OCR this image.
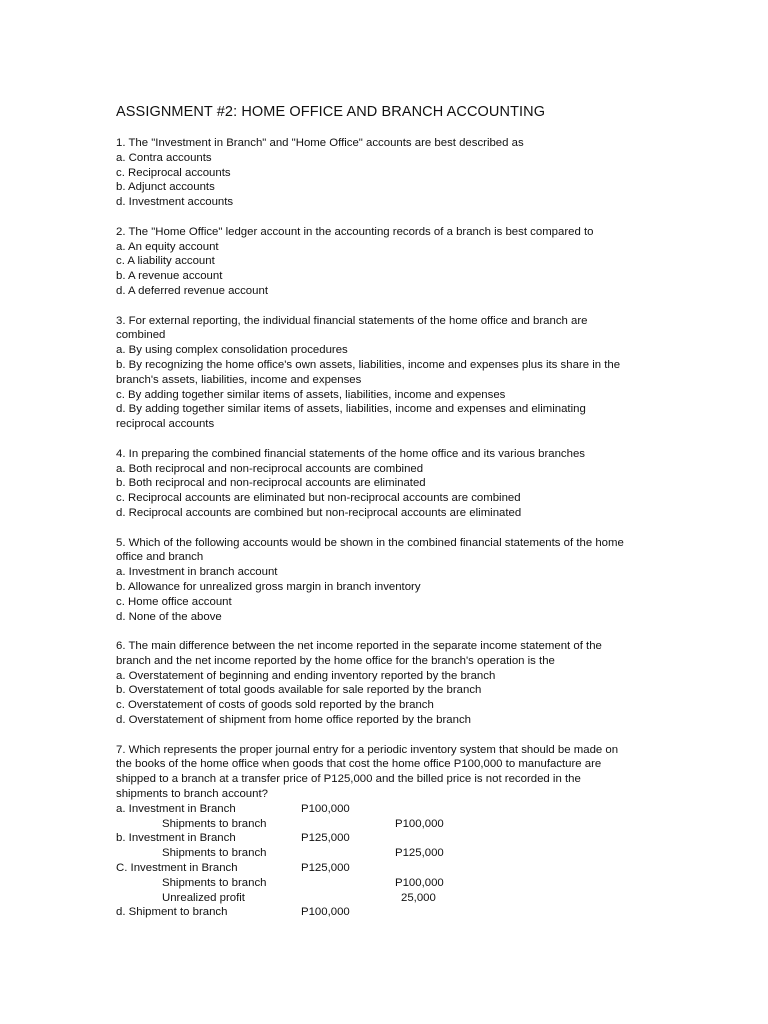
ASSIGNMENT #2: HOME OFFICE AND BRANCH ACCOUNTING
1. The "Investment in Branch" and "Home Office" accounts are best described as
a. Contra accounts
c. Reciprocal accounts
b. Adjunct accounts
d. Investment accounts
2. The "Home Office" ledger account in the accounting records of a branch is best compared to
a. An equity account
c. A liability account
b. A revenue account
d. A deferred revenue account
3. For external reporting, the individual financial statements of the home office and branch are
combined
a. By using complex consolidation procedures
b. By recognizing the home office's own assets, liabilities, income and expenses plus its share in the
branch's assets, liabilities, income and expenses
c. By adding together similar items of assets, liabilities, income and expenses
d. By adding together similar items of assets, liabilities, income and expenses and eliminating
reciprocal accounts
4. In preparing the combined financial statements of the home office and its various branches
a. Both reciprocal and non-reciprocal accounts are combined
b. Both reciprocal and non-reciprocal accounts are eliminated
c. Reciprocal accounts are eliminated but non-reciprocal accounts are combined
d. Reciprocal accounts are combined but non-reciprocal accounts are eliminated
5. Which of the following accounts would be shown in the combined financial statements of the home
office and branch
a. Investment in branch account
b. Allowance for unrealized gross margin in branch inventory
c. Home office account
d. None of the above
6. The main difference between the net income reported in the separate income statement of the
branch and the net income reported by the home office for the branch's operation is the
a. Overstatement of beginning and ending inventory reported by the branch
b. Overstatement of total goods available for sale reported by the branch
c. Overstatement of costs of goods sold reported by the branch
d. Overstatement of shipment from home office reported by the branch
7. Which represents the proper journal entry for a periodic inventory system that should be made on
the books of the home office when goods that cost the home office P100,000 to manufacture are
shipped to a branch at a transfer price of P125,000 and the billed price is not recorded in the
shipments to branch account?
a. Investment in Branch	P100,000
Shipments to branch	P100,000
b. Investment in Branch	P125,000
Shipments to branch	P125,000
C. Investment in Branch	P125,000
Shipments to branch	P100,000
Unrealized profit	25,000
d. Shipment to branch	P100,000
